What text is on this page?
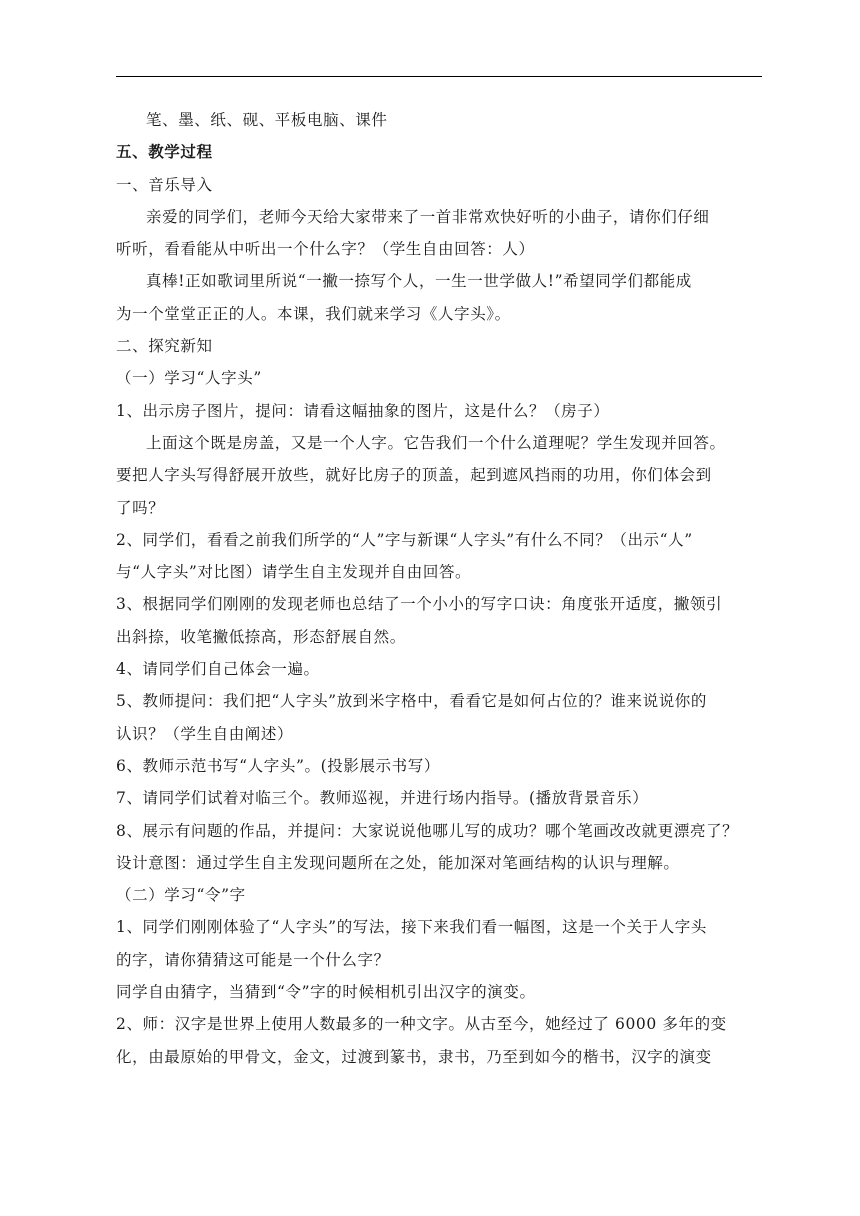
笔、墨、纸、砚、平板电脑、课件
五、教学过程
一、音乐导入
亲爱的同学们，老师今天给大家带来了一首非常欢快好听的小曲子，请你们仔细
听听，看看能从中听出一个什么字？（学生自由回答：人）
真棒!正如歌词里所说“一撇一捺写个人，一生一世学做人!”希望同学们都能成
为一个堂堂正正的人。本课，我们就来学习《人字头》。
二、探究新知
（一）学习“人字头”
1、出示房子图片，提问：请看这幅抽象的图片，这是什么？（房子）
上面这个既是房盖，又是一个人字。它告我们一个什么道理呢？学生发现并回答。
要把人字头写得舒展开放些，就好比房子的顶盖，起到遮风挡雨的功用，你们体会到
了吗？
2、同学们，看看之前我们所学的“人”字与新课“人字头”有什么不同？（出示“人”
与“人字头”对比图）请学生自主发现并自由回答。
3、根据同学们刚刚的发现老师也总结了一个小小的写字口诀：角度张开适度，撇领引
出斜捺，收笔撇低捺高，形态舒展自然。
4、请同学们自己体会一遍。
5、教师提问：我们把“人字头”放到米字格中，看看它是如何占位的？谁来说说你的
认识？（学生自由阐述）
6、教师示范书写“人字头”。(投影展示书写）
7、请同学们试着对临三个。教师巡视，并进行场内指导。(播放背景音乐）
8、展示有问题的作品，并提问：大家说说他哪儿写的成功？哪个笔画改改就更漂亮了？
设计意图：通过学生自主发现问题所在之处，能加深对笔画结构的认识与理解。
（二）学习“令”字
1、同学们刚刚体验了“人字头”的写法，接下来我们看一幅图，这是一个关于人字头
的字，请你猜猜这可能是一个什么字？
同学自由猜字，当猜到“令”字的时候相机引出汉字的演变。
2、师：汉字是世界上使用人数最多的一种文字。从古至今，她经过了 6000 多年的变
化，由最原始的甲骨文，金文，过渡到篆书，隶书，乃至到如今的楷书，汉字的演变
